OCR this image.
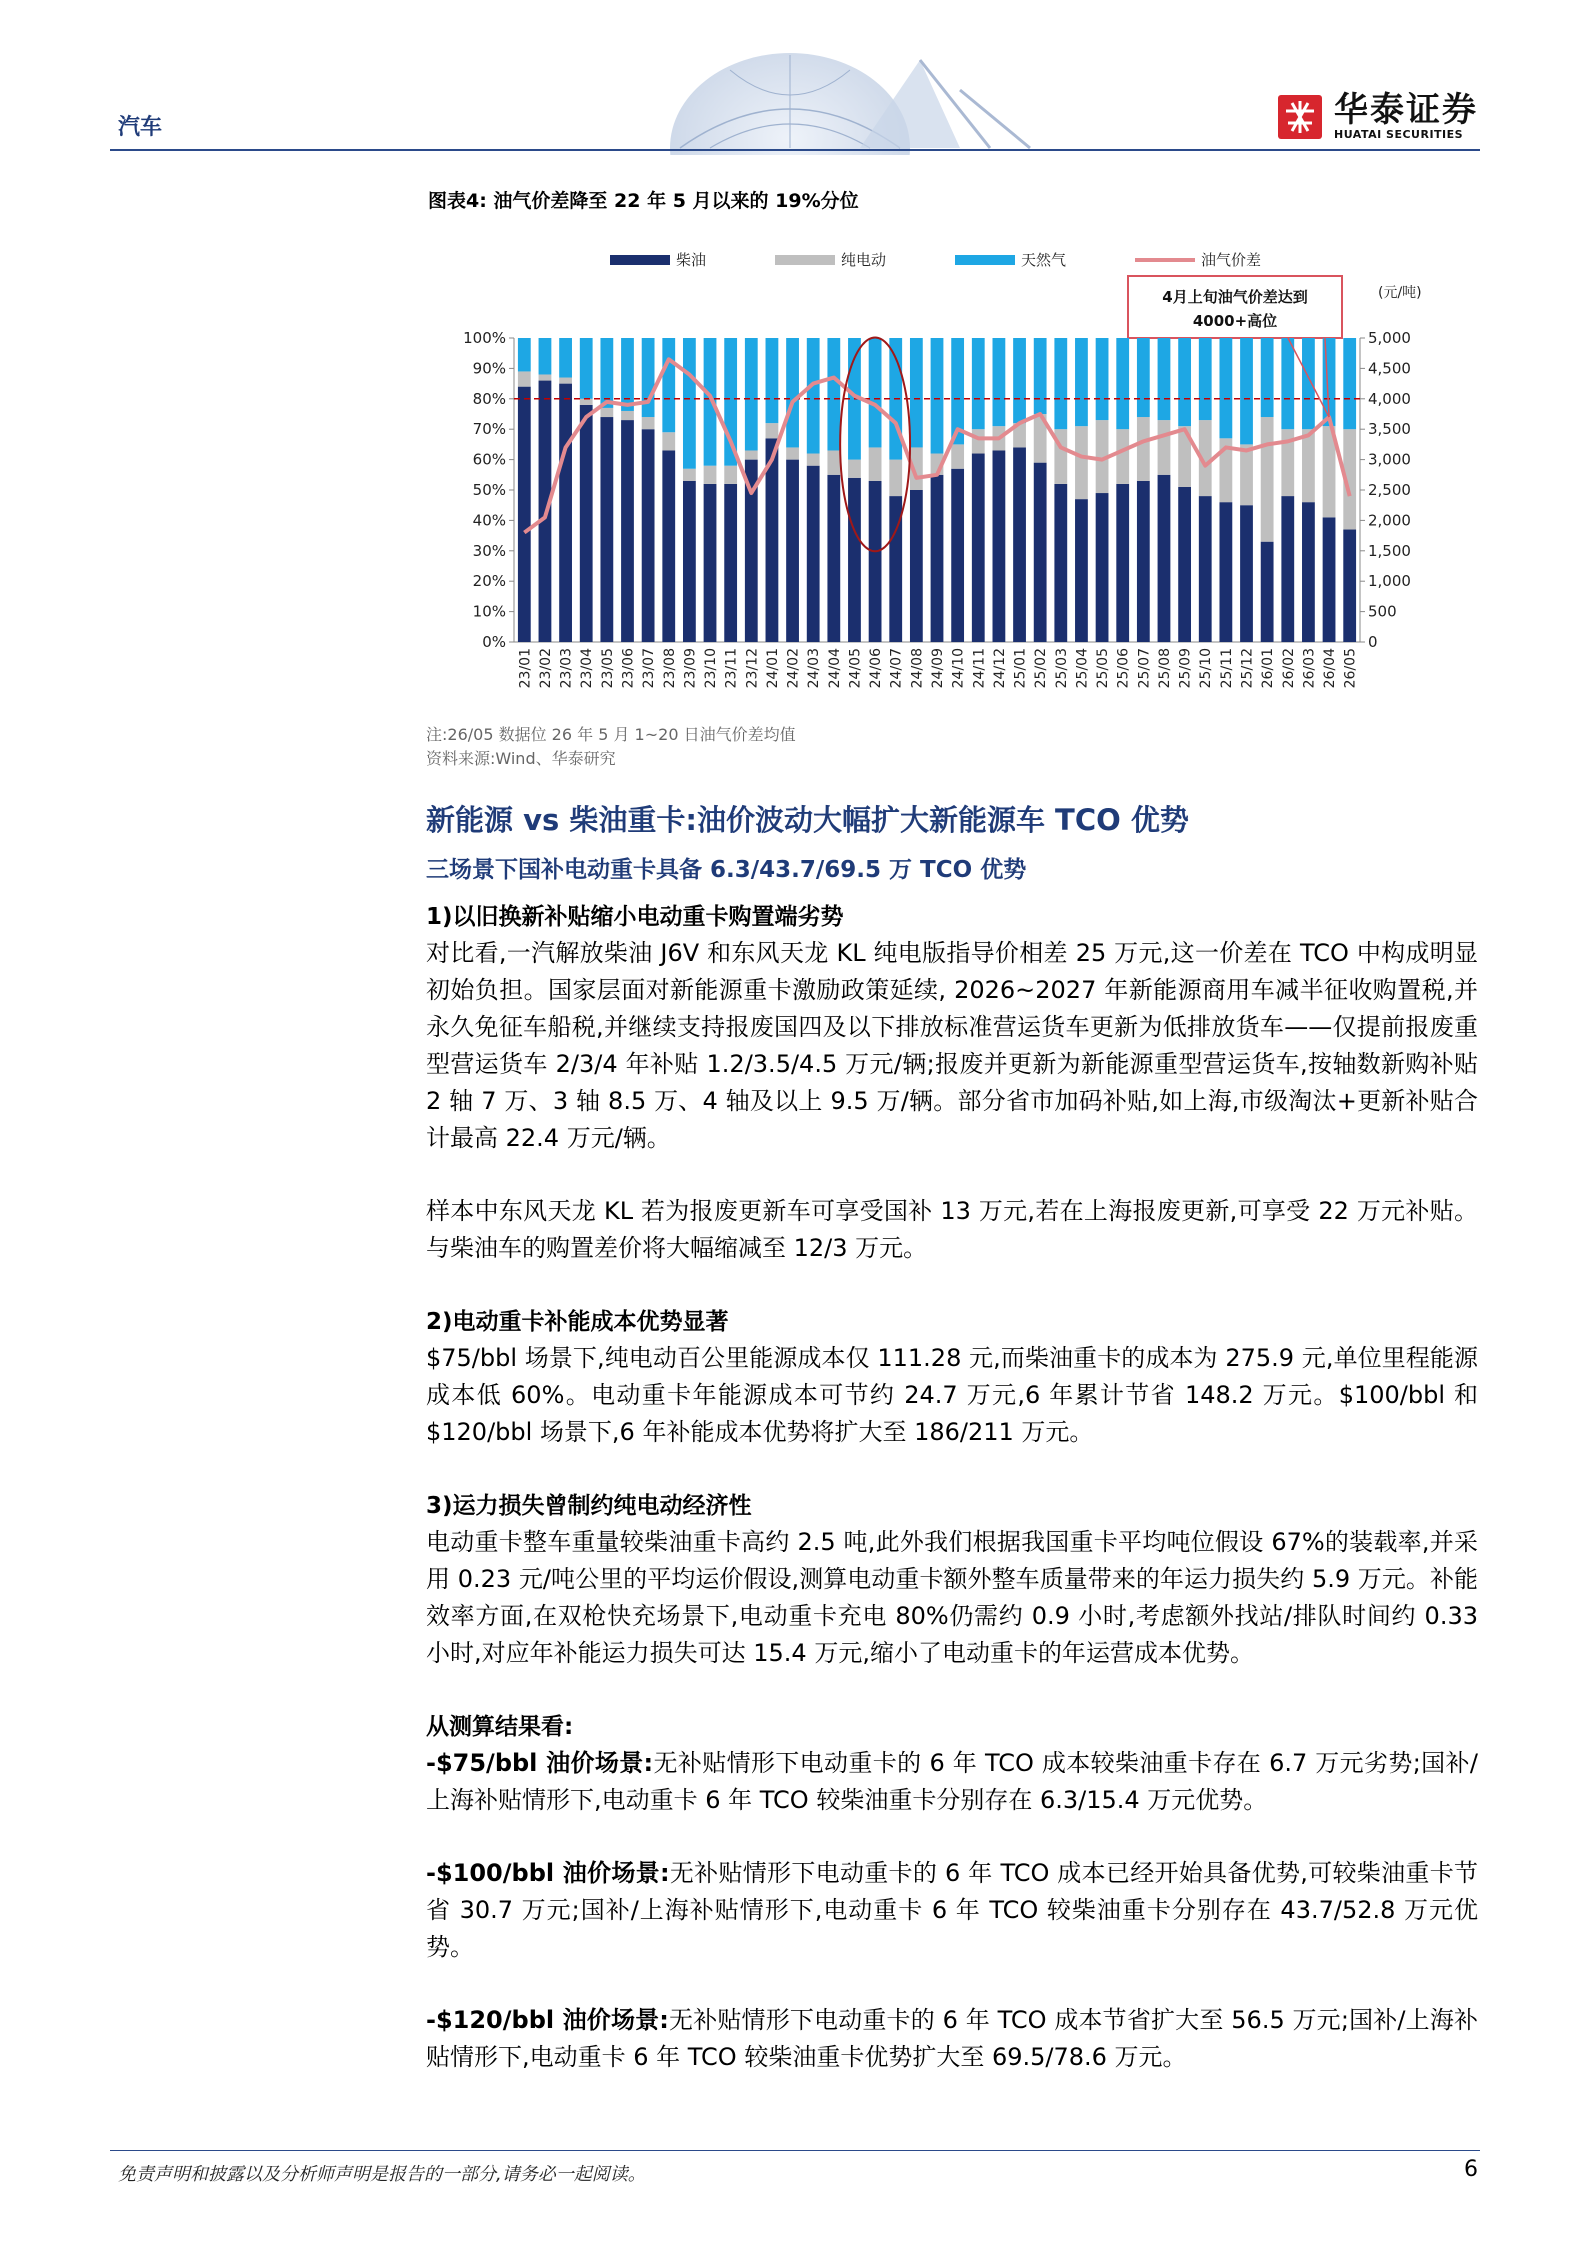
汽车	华泰证券
HUATAI SECURITIES
图表4: 油气价差降至 22 年 5 月以来的 19%分位
柴油	纯电动	天然气	油气价差
4月上旬油气价差达到
4000+高位
(元/吨)
0%
10%
20%
30%
40%
50%
60%
70%
80%
90%
100%
0
500
1,000
1,500
2,000
2,500
3,000
3,500
4,000
4,500
5,000
23/01 23/02 23/03 23/04 23/05 23/06 23/07 23/08 23/09 23/10 23/11 23/12 24/01 24/02 24/03 24/04 24/05 24/06 24/07 24/08 24/09 24/10 24/11 24/12 25/01 25/02 25/03 25/04 25/05 25/06 25/07 25/08 25/09 25/10 25/11 25/12 26/01 26/02 26/03 26/04 26/05
注:26/05 数据位 26 年 5 月 1~20 日油气价差均值
资料来源:Wind、华泰研究
新能源 vs 柴油重卡:油价波动大幅扩大新能源车 TCO 优势
三场景下国补电动重卡具备 6.3/43.7/69.5 万 TCO 优势
1)以旧换新补贴缩小电动重卡购置端劣势

对比看,一汽解放柴油 J6V 和东风天龙 KL 纯电版指导价相差 25 万元,这一价差在 TCO 中构成明显初始负担。国家层面对新能源重卡激励政策延续, 2026~2027 年新能源商用车减半征收购置税,并永久免征车船税,并继续支持报废国四及以下排放标准营运货车更新为低排放货车——仅提前报废重型营运货车 2/3/4 年补贴 1.2/3.5/4.5 万元/辆;报废并更新为新能源重型营运货车,按轴数新购补贴 2 轴 7 万、3 轴 8.5 万、4 轴及以上 9.5 万/辆。部分省市加码补贴,如上海,市级淘汰+更新补贴合计最高 22.4 万元/辆。

样本中东风天龙 KL 若为报废更新车可享受国补 13 万元,若在上海报废更新,可享受 22 万元补贴。与柴油车的购置差价将大幅缩减至 12/3 万元。

2)电动重卡补能成本优势显著

$75/bbl 场景下,纯电动百公里能源成本仅 111.28 元,而柴油重卡的成本为 275.9 元,单位里程能源成本低 60%。电动重卡年能源成本可节约 24.7 万元,6 年累计节省 148.2 万元。$100/bbl 和$120/bbl 场景下,6 年补能成本优势将扩大至 186/211 万元。

3)运力损失曾制约纯电动经济性

电动重卡整车重量较柴油重卡高约 2.5 吨,此外我们根据我国重卡平均吨位假设 67%的装载率,并采用 0.23 元/吨公里的平均运价假设,测算电动重卡额外整车质量带来的年运力损失约 5.9 万元。补能效率方面,在双枪快充场景下,电动重卡充电 80%仍需约 0.9 小时,考虑额外找站/排队时间约 0.33 小时,对应年补能运力损失可达 15.4 万元,缩小了电动重卡的年运营成本优势。

从测算结果看:

-$75/bbl 油价场景:无补贴情形下电动重卡的 6 年 TCO 成本较柴油重卡存在 6.7 万元劣势;国补/上海补贴情形下,电动重卡 6 年 TCO 较柴油重卡分别存在 6.3/15.4 万元优势。

-$100/bbl 油价场景:无补贴情形下电动重卡的 6 年 TCO 成本已经开始具备优势,可较柴油重卡节省 30.7 万元;国补/上海补贴情形下,电动重卡 6 年 TCO 较柴油重卡分别存在 43.7/52.8 万元优势。

-$120/bbl 油价场景:无补贴情形下电动重卡的 6 年 TCO 成本节省扩大至 56.5 万元;国补/上海补贴情形下,电动重卡 6 年 TCO 较柴油重卡优势扩大至 69.5/78.6 万元。

免责声明和披露以及分析师声明是报告的一部分,请务必一起阅读。	6
